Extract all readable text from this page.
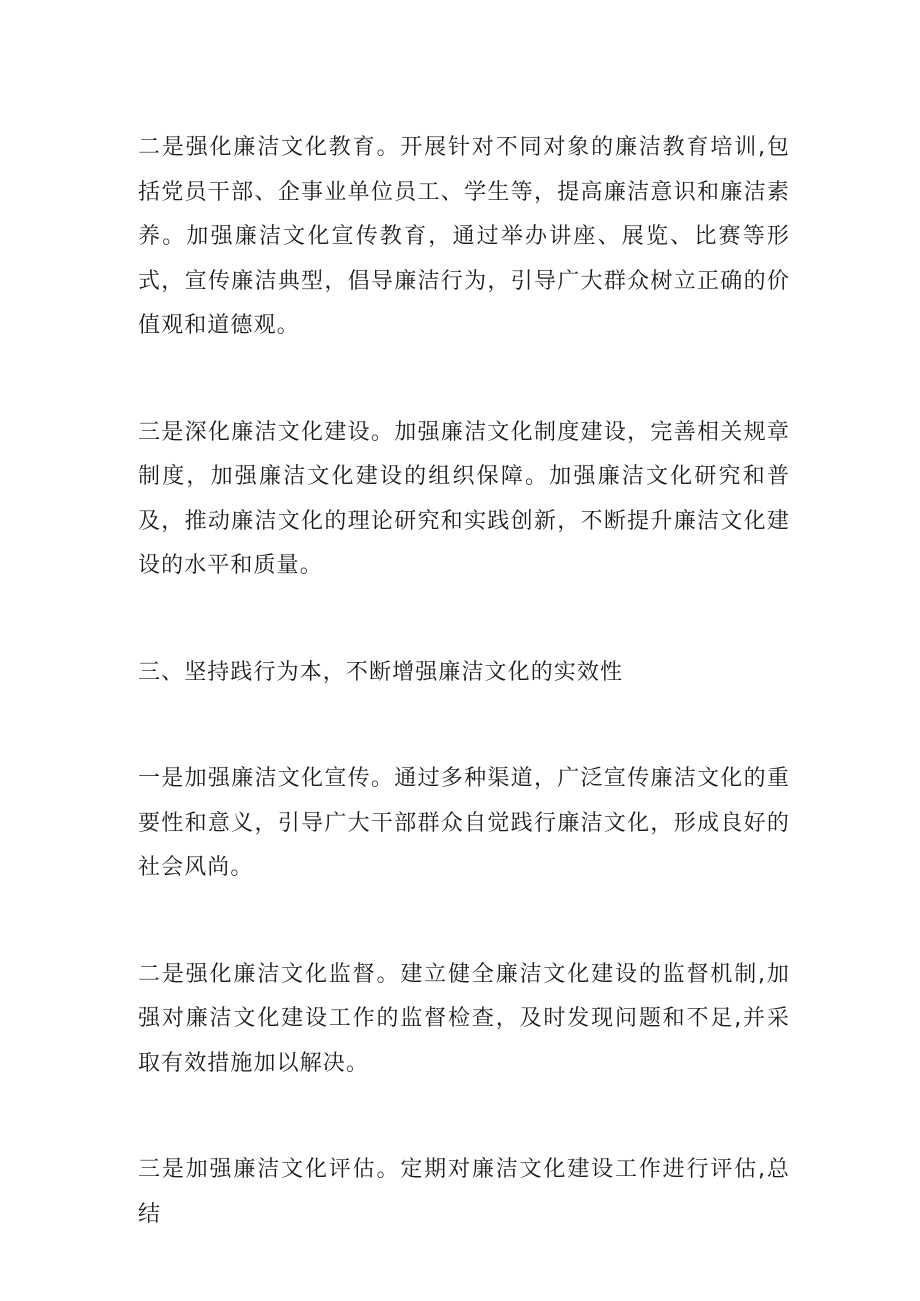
二是强化廉洁文化教育。开展针对不同对象的廉洁教育培训,包括党员干部、企事业单位员工、学生等，提高廉洁意识和廉洁素养。加强廉洁文化宣传教育，通过举办讲座、展览、比赛等形式，宣传廉洁典型，倡导廉洁行为，引导广大群众树立正确的价值观和道德观。

三是深化廉洁文化建设。加强廉洁文化制度建设，完善相关规章制度，加强廉洁文化建设的组织保障。加强廉洁文化研究和普及，推动廉洁文化的理论研究和实践创新，不断提升廉洁文化建设的水平和质量。

三、坚持践行为本，不断增强廉洁文化的实效性

一是加强廉洁文化宣传。通过多种渠道，广泛宣传廉洁文化的重要性和意义，引导广大干部群众自觉践行廉洁文化，形成良好的社会风尚。

二是强化廉洁文化监督。建立健全廉洁文化建设的监督机制,加强对廉洁文化建设工作的监督检查，及时发现问题和不足,并采取有效措施加以解决。

三是加强廉洁文化评估。定期对廉洁文化建设工作进行评估,总结
